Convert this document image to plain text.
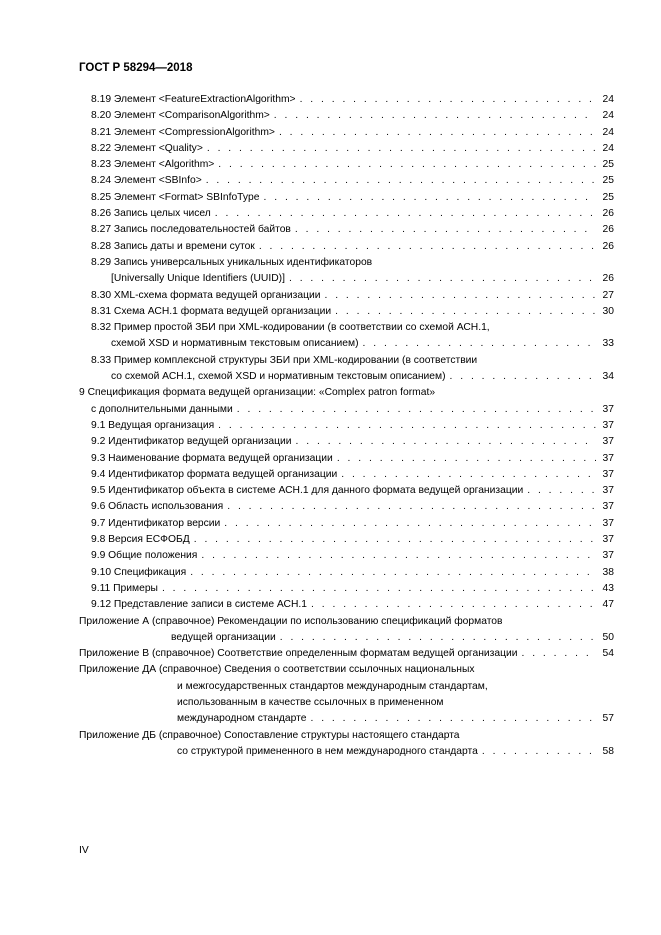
ГОСТ Р 58294—2018
8.19 Элемент <FeatureExtractionAlgorithm> . . .	24
8.20 Элемент <ComparisonAlgorithm> . . .	24
8.21 Элемент <CompressionAlgorithm> . . .	24
8.22 Элемент <Quality> . . .	24
8.23 Элемент <Algorithm> . . .	25
8.24 Элемент <SBInfo> . . .	25
8.25 Элемент <Format> SBInfoType . . .	25
8.26 Запись целых чисел . . .	26
8.27 Запись последовательностей байтов . . .	26
8.28 Запись даты и времени суток . . .	26
8.29 Запись универсальных уникальных идентификаторов
[Universally Unique Identifiers (UUID)] . . .	26
8.30 XML-схема формата ведущей организации . . .	27
8.31 Схема АСН.1 формата ведущей организации . . .	30
8.32 Пример простой ЗБИ при XML-кодировании (в соответствии со схемой АСН.1,
схемой XSD и нормативным текстовым описанием) . . .	33
8.33 Пример комплексной структуры ЗБИ при XML-кодировании (в соответствии
со схемой АСН.1, схемой XSD и нормативным текстовым описанием) . . .	34
9 Спецификация формата ведущей организации: «Complex patron format»
с дополнительными данными . . .	37
9.1 Ведущая организация . . .	37
9.2 Идентификатор ведущей организации . . .	37
9.3 Наименование формата ведущей организации . . .	37
9.4 Идентификатор формата ведущей организации . . .	37
9.5 Идентификатор объекта в системе АСН.1 для данного формата ведущей организации . . .	37
9.6 Область использования . . .	37
9.7 Идентификатор версии . . .	37
9.8 Версия ЕСФОБД . . .	37
9.9 Общие положения . . .	37
9.10 Спецификация . . .	38
9.11 Примеры . . .	43
9.12 Представление записи в системе АСН.1 . . .	47
Приложение А (справочное) Рекомендации по использованию спецификаций форматов
ведущей организации . . .	50
Приложение В (справочное) Соответствие определенным форматам ведущей организации . . .	54
Приложение ДА (справочное) Сведения о соответствии ссылочных национальных
и межгосударственных стандартов международным стандартам,
использованным в качестве ссылочных в примененном
международном стандарте . . .	57
Приложение ДБ (справочное) Сопоставление структуры настоящего стандарта
со структурой примененного в нем международного стандарта . . .	58
IV
